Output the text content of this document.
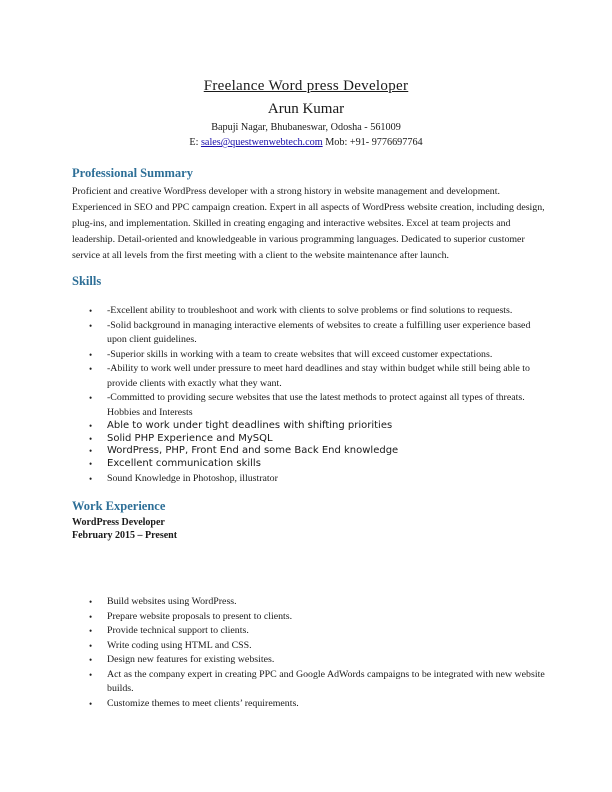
Freelance Word press Developer
Arun Kumar
Bapuji Nagar, Bhubaneswar, Odosha - 561009
E: sales@questwenwebtech.com Mob: +91- 9776697764
Professional Summary
Proficient and creative WordPress developer with a strong history in website management and development. Experienced in SEO and PPC campaign creation. Expert in all aspects of WordPress website creation, including design, plug-ins, and implementation. Skilled in creating engaging and interactive websites. Excel at team projects and leadership. Detail-oriented and knowledgeable in various programming languages. Dedicated to superior customer service at all levels from the first meeting with a client to the website maintenance after launch.
Skills
• -Excellent ability to troubleshoot and work with clients to solve problems or find solutions to requests.
• -Solid background in managing interactive elements of websites to create a fulfilling user experience based upon client guidelines.
• -Superior skills in working with a team to create websites that will exceed customer expectations.
• -Ability to work well under pressure to meet hard deadlines and stay within budget while still being able to provide clients with exactly what they want.
• -Committed to providing secure websites that use the latest methods to protect against all types of threats. Hobbies and Interests
• Able to work under tight deadlines with shifting priorities
• Solid PHP Experience and MySQL
• WordPress, PHP, Front End and some Back End knowledge
• Excellent communication skills
• Sound Knowledge in Photoshop, illustrator
Work Experience
WordPress Developer
February 2015 – Present
• Build websites using WordPress.
• Prepare website proposals to present to clients.
• Provide technical support to clients.
• Write coding using HTML and CSS.
• Design new features for existing websites.
• Act as the company expert in creating PPC and Google AdWords campaigns to be integrated with new website builds.
• Customize themes to meet clients’ requirements.
